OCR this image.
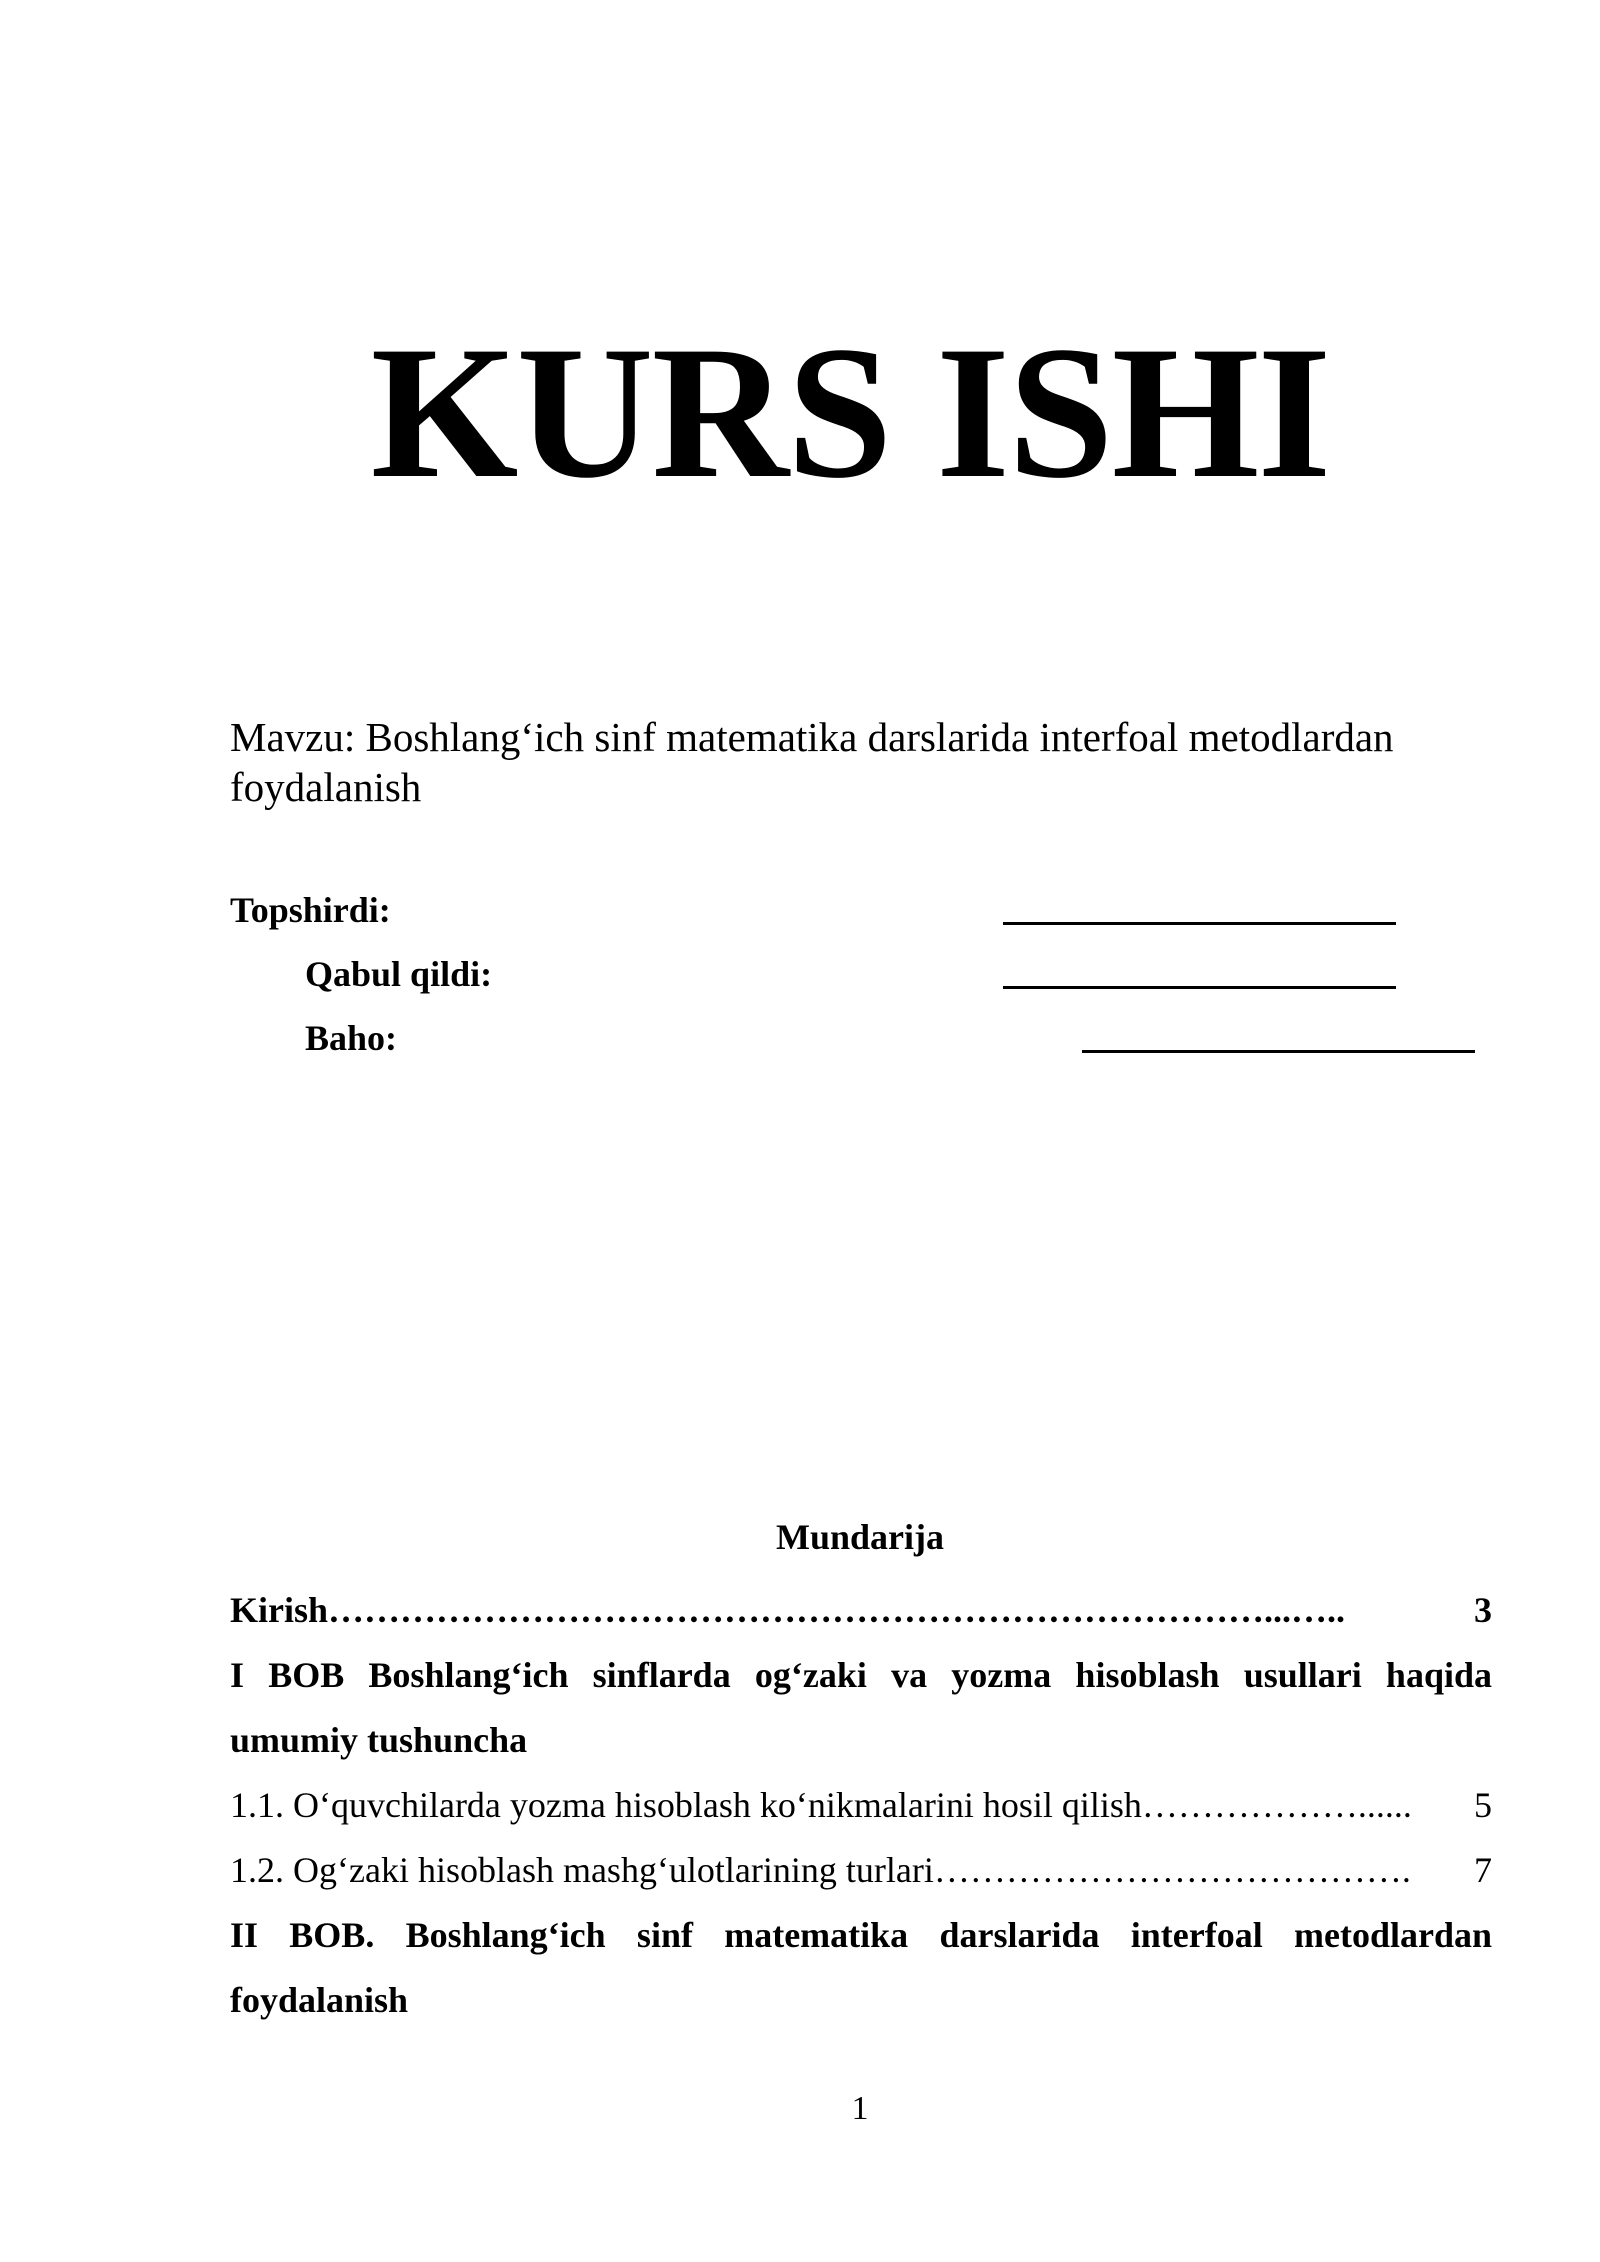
KURS ISHI
Mavzu: Boshlang‘ich sinf matematika darslarida interfoal metodlardan foydalanish
Topshirdi:
Qabul qildi:
Baho:
Mundarija
Kirish ……………………………………………………………………...…..	3
I BOB Boshlang‘ich sinflarda og‘zaki va yozma hisoblash usullari haqida umumiy tushuncha
1.1. O‘quvchilarda yozma hisoblash ko‘nikmalarini hosil qilish ………………......	5
1.2. Og‘zaki hisoblash mashg‘ulotlarining turlari ………………………………….	7
II BOB. Boshlang‘ich sinf matematika darslarida interfoal metodlardan foydalanish
1
